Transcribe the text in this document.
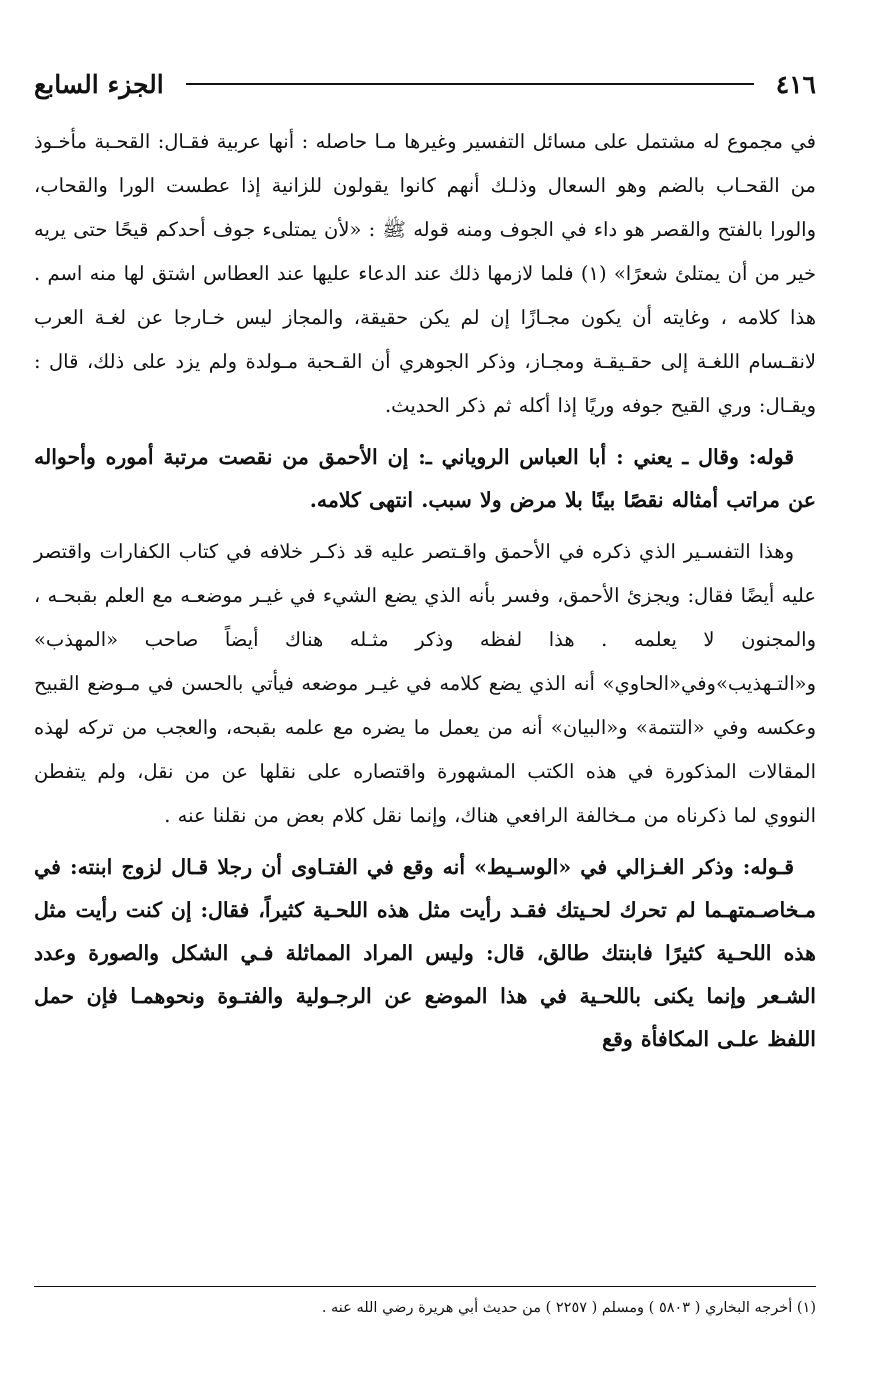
٤١٦
الجزء السابع

في مجموع له مشتمل على مسائل التفسير وغيرها مـا حاصله : أنها عربية فقـال: القحـبة مأخـوذ من القحـاب بالضم وهو السعال وذلـك أنهم كانوا يقولون للزانية إذا عطست الورا والقحاب، والورا بالفتح والقصر هو داء في الجوف ومنه قوله ﷺ : «لأن يمتلىء جوف أحدكم قيحًا حتى يريه خير من أن يمتلئ شعرًا» (١) فلما لازمها ذلك عند الدعاء عليها عند العطاس اشتق لها منه اسم . هذا كلامه ، وغايته أن يكون مجـازًا إن لم يكن حقيقة، والمجاز ليس خـارجا عن لغـة العرب لانقـسام اللغـة إلى حقـيقـة ومجـاز، وذكر الجوهري أن القـحبة مـولدة ولم يزد على ذلك، قال : ويقـال: وري القيح جوفه وريًا إذا أكله ثم ذكر الحديث.

قوله: وقال ـ يعني : أبا العباس الروياني ـ: إن الأحمق من نقصت مرتبة أموره وأحواله عن مراتب أمثاله نقصًا بينًا بلا مرض ولا سبب. انتهى كلامه.

وهذا التفسـير الذي ذكره في الأحمق واقـتصر عليه قد ذكـر خلافه في كتاب الكفارات واقتصر عليه أيضًا فقال: ويجزئ الأحمق، وفسر بأنه الذي يضع الشيء في غيـر موضعـه مع العلم بقبحـه ، والمجنون لا يعلمه . هذا لفظه وذكر مثـله هناك أيضاً صاحب «المهذب» و«التـهذيب»وفي«الحاوي» أنه الذي يضع كلامه في غيـر موضعه فيأتي بالحسن في مـوضع القبيح وعكسه وفي «التتمة» و«البيان» أنه من يعمل ما يضره مع علمه بقبحه، والعجب من تركه لهذه المقالات المذكورة في هذه الكتب المشهورة واقتصاره على نقلها عن من نقل، ولم يتفطن النووي لما ذكرناه من مـخالفة الرافعي هناك، وإنما نقل كلام بعض من نقلنا عنه .

قـوله: وذكر الغـزالي في «الوسـيط» أنه وقع في الفتـاوى أن رجلا قـال لزوج ابنته: في مـخاصـمتهـما لم تحرك لحـيتك فقـد رأيت مثل هذه اللحـية كثيراً، فقال: إن كنت رأيت مثل هذه اللحـية كثيرًا فابنتك طالق، قال: وليس المراد المماثلة فـي الشكل والصورة وعدد الشـعر وإنما يكنى باللحـية في هذا الموضع عن الرجـولية والفتـوة ونحوهمـا فإن حمل اللفظ علـى المكافأة وقع

(١) أخرجه البخاري ( ٥٨٠٣ ) ومسلم ( ٢٢٥٧ ) من حديث أبي هريرة رضي الله عنه .
